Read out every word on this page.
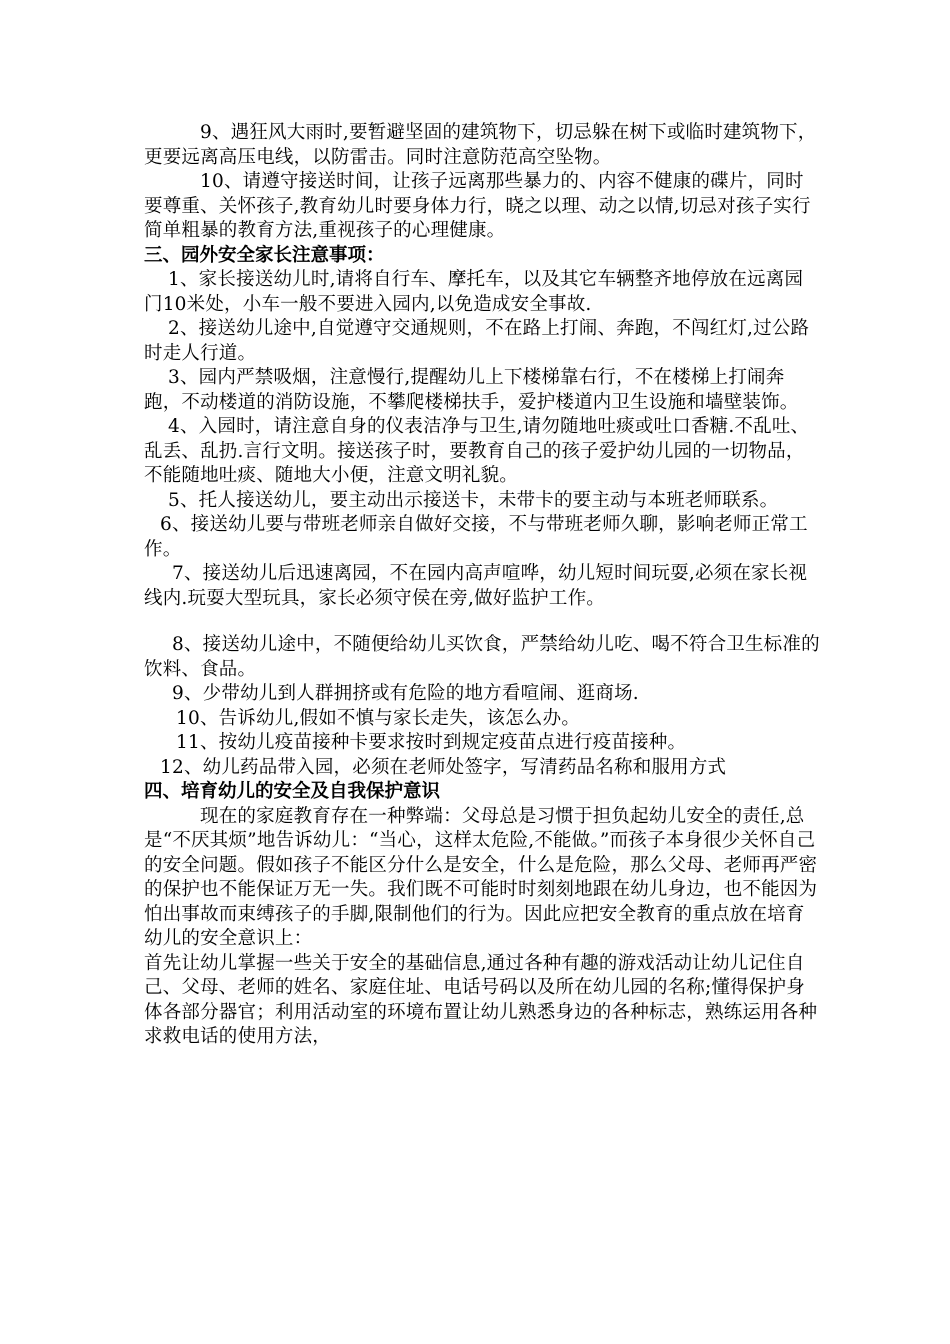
9、遇狂风大雨时,要暂避坚固的建筑物下，切忌躲在树下或临时建筑物下，更要远离高压电线，以防雷击。同时注意防范高空坠物。

10、请遵守接送时间，让孩子远离那些暴力的、内容不健康的碟片，同时要尊重、关怀孩子,教育幼儿时要身体力行，晓之以理、动之以情,切忌对孩子实行简单粗暴的教育方法,重视孩子的心理健康。

三、园外安全家长注意事项：

1、家长接送幼儿时,请将自行车、摩托车，以及其它车辆整齐地停放在远离园门10米处，小车一般不要进入园内,以免造成安全事故.

2、接送幼儿途中,自觉遵守交通规则，不在路上打闹、奔跑，不闯红灯,过公路时走人行道。

3、园内严禁吸烟，注意慢行,提醒幼儿上下楼梯靠右行，不在楼梯上打闹奔跑，不动楼道的消防设施，不攀爬楼梯扶手，爱护楼道内卫生设施和墙壁装饰。

4、入园时，请注意自身的仪表洁净与卫生,请勿随地吐痰或吐口香糖.不乱吐、乱丢、乱扔.言行文明。接送孩子时，要教育自己的孩子爱护幼儿园的一切物品，不能随地吐痰、随地大小便，注意文明礼貌。

5、托人接送幼儿，要主动出示接送卡，未带卡的要主动与本班老师联系。

6、接送幼儿要与带班老师亲自做好交接，不与带班老师久聊，影响老师正常工作。

7、接送幼儿后迅速离园，不在园内高声喧哗，幼儿短时间玩耍,必须在家长视线内.玩耍大型玩具，家长必须守侯在旁,做好监护工作。

8、接送幼儿途中，不随便给幼儿买饮食，严禁给幼儿吃、喝不符合卫生标准的饮料、食品。

9、少带幼儿到人群拥挤或有危险的地方看喧闹、逛商场.

10、告诉幼儿,假如不慎与家长走失，该怎么办。

11、按幼儿疫苗接种卡要求按时到规定疫苗点进行疫苗接种。

12、幼儿药品带入园，必须在老师处签字，写清药品名称和服用方式

四、培育幼儿的安全及自我保护意识

现在的家庭教育存在一种弊端：父母总是习惯于担负起幼儿安全的责任,总是“不厌其烦”地告诉幼儿：“当心，这样太危险,不能做。”而孩子本身很少关怀自己的安全问题。假如孩子不能区分什么是安全，什么是危险，那么父母、老师再严密的保护也不能保证万无一失。我们既不可能时时刻刻地跟在幼儿身边，也不能因为怕出事故而束缚孩子的手脚,限制他们的行为。因此应把安全教育的重点放在培育幼儿的安全意识上：

首先让幼儿掌握一些关于安全的基础信息,通过各种有趣的游戏活动让幼儿记住自己、父母、老师的姓名、家庭住址、电话号码以及所在幼儿园的名称;懂得保护身体各部分器官；利用活动室的环境布置让幼儿熟悉身边的各种标志，熟练运用各种求救电话的使用方法，
